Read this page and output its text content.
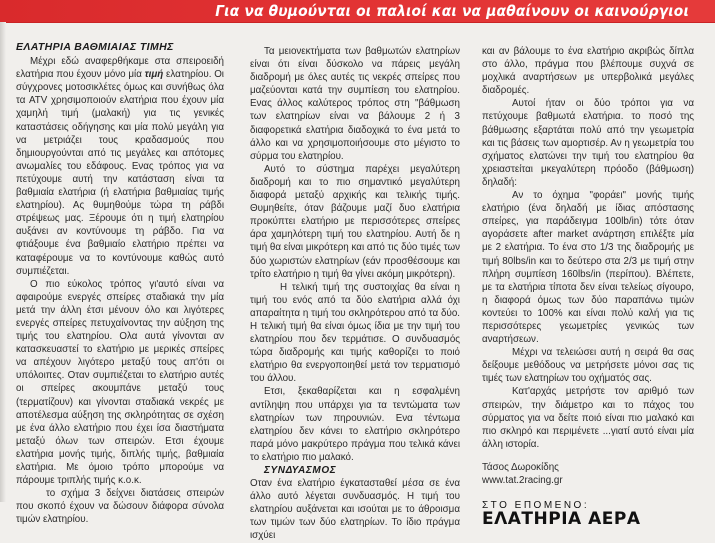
Για να θυμούνται οι παλιοί και να μαθαίνουν οι καινούργιοι
ΕΛΑΤΗΡΙΑ ΒΑΘΜΙΑΙΑΣ ΤΙΜΗΣ

Μέχρι εδώ αναφερθήκαμε στα σπειροειδή ελατήρια που έχουν μόνο μία τιμή ελατηρίου. Οι σύγχρονες μοτοσικλέτες όμως και συνήθως όλα τα ATV χρησιμοποιούν ελατήρια που έχουν μία χαμηλή τιμή (μαλακή) για τις γενικές καταστάσεις οδήγησης και μία πολύ μεγάλη για να μετριάζει τους κραδασμούς που δημιουργούνται από τις μεγάλες και απότομες ανωμαλίες του εδάφους. Ενας τρόπος για να πετύχουμε αυτή την κατάσταση είναι τα βαθμιαία ελατήρια (ή ελατήρια βαθμιαίας τιμής ελατηρίου). Ας θυμηθούμε τώρα τη ράβδι στρέψεως μας. Ξέρουμε ότι η τιμή ελατηρίου αυξάνει αν κοντύνουμε τη ράβδο. Για να φτιάξουμε ένα βαθμιαίο ελατήριο πρέπει να καταφέρουμε να το κοντύνουμε καθώς αυτό συμπιέζεται.

Ο πιο εύκολος τρόπος γι'αυτό είναι να αφαιρούμε ενεργές σπείρες σταδιακά την μία μετά την άλλη έτσι μένουν όλο και λιγότερες ενεργές σπείρες πετυχαίνοντας την αύξηση της τιμής του ελατηρίου. Ολα αυτά γίνονται αν κατασκευαστεί το ελατήριο με μερικές σπείρες να απέχουν λιγότερο μεταξύ τους απ'ότι οι υπόλοιπες. Οταν συμπιέζεται το ελατήριο αυτές οι σπείρες ακουμπάνε μεταξύ τους (τερματίζουν) και γίνονται σταδιακά νεκρές με αποτέλεσμα αύξηση της σκληρότητας σε σχέση με ένα άλλο ελατήριο που έχει ίσα διαστήματα μεταξύ όλων των σπειρών. Ετσι έχουμε ελατήρια μονής τιμής, διπλής τιμής, βαθμιαία ελατήρια. Με όμοιο τρόπο μπορούμε να πάρουμε τριπλής τιμής κ.ο.κ.

το σχήμα 3 δείχνει διατάσεις σπειρών που σκοπό έχουν να δώσουν διάφορα σύνολα τιμών ελατηρίου.

Τα μειονεκτήματα των βαθμωτών ελατηρίων είναι ότι είναι δύσκολο να πάρεις μεγάλη διαδρομή με όλες αυτές τις νεκρές σπείρες που μαζεύονται κατά την συμπίεση του ελατηρίου. Ενας άλλος καλύτερος τρόπος στη "βάθμωση των ελατηρίων είναι να βάλουμε 2 ή 3 διαφορετικά ελατήρια διαδοχικά το ένα μετά το άλλο και να χρησιμοποιήσουμε στο μέγιστο το σύρμα του ελατηρίου.

Αυτό το σύστημα παρέχει μεγαλύτερη διαδρομή και το πιο σημαντικό μεγαλύτερη διαφορά μεταξύ αρχικής και τελικής τιμής. Θυμηθείτε, όταν βάζουμε μαζί δυο ελατήρια προκύπτει ελατήριο με περισσότερες σπείρες άρα χαμηλότερη τιμή του ελατηρίου. Αυτή δε η τιμή θα είναι μικρότερη και από τις δύο τιμές των δύο χωριστών ελατηρίων (εάν προσθέσουμε και τρίτο ελατήριο η τιμή θα γίνει ακόμη μικρότερη).

Η τελική τιμή της συστοιχίας θα είναι η τιμή του ενός από τα δύο ελατήρια αλλά όχι απαραίτητα η τιμή του σκληρότερου από τα δύο. Η τελική τιμή θα είναι όμως ίδια με την τιμή του ελατηρίου που δεν τερμάτισε. Ο συνδυασμός τώρα διαδρομής και τιμής καθορίζει το ποιό ελατήριο θα ενεργοποιηθεί μετά τον τερματισμό του άλλου.

Ετσι, ξεκαθαρίζεται και η εσφαλμένη αντίληψη που υπάρχει για τα τεντώματα των ελατηρίων των πηρουνιών. Ενα τέντωμα ελατηρίου δεν κάνει το ελατήριο σκληρότερο παρά μόνο μακρύτερο πράγμα που τελικά κάνει το ελατήριο πιο μαλακό.

ΣΥΝΔΥΑΣΜΟΣ

Οταν ένα ελατήριο έγκατασταθεί μέσα σε ένα άλλο αυτό λέγεται συνδυασμός. Η τιμή του ελατηρίου αυξάνεται και ισούται με το άθροισμα των τιμών των δύο ελατηρίων. Το ίδιο πράγμα ισχύει

και αν βάλουμε το ένα ελατήριο ακριβώς δίπλα στο άλλο, πράγμα που βλέπουμε συχνά σε μοχλικά αναρτήσεων με υπερβολικά μεγάλες διαδρομές.

Αυτοί ήταν οι δύο τρόποι για να πετύχουμε βαθμωτά ελατήρια. το ποσό της βάθμωσης εξαρτάται πολύ από την γεωμετρία και τις βάσεις των αμορτισέρ. Αν η γεωμετρία του σχήματος ελατώνει την τιμή του ελατηρίου θα χρειαστείται μκεγαλύτερη πρόοδο (βάθμωση) δηλαδή:

Αν το όχημα "φοράει" μονής τιμής ελατήριο (ένα δηλαδή με ίδιας απόστασης σπείρες, για παράδειγμα 100lb/in) τότε όταν αγοράσετε after market ανάρτηση επιλέξτε μία με 2 ελατήρια. Το ένα στο 1/3 της διαδρομής με τιμή 80lbs/in και το δεύτερο στα 2/3 με τιμή στην πλήρη συμπίεση 160lbs/in (περίπου). Βλέπετε, με τα ελατήρια τίποτα δεν είναι τελείως σίγουρο, η διαφορά όμως των δύο παραπάνω τιμών κοντεύει το 100% και είναι πολύ καλή για τις περισσότερες γεωμετρίες γενικώς των αναρτήσεων.

Μέχρι να τελειώσει αυτή η σειρά θα σας δείξουμε μεθόδους να μετρήσετε μόνοι σας τις τιμές των ελατηρίων του οχήματός σας.

Κατ'αρχάς μετρήστε τον αριθμό των σπειρών, την διάμετρο και το πάχος του σύρματος για να δείτε ποιό είναι πιο μαλακό και πιο σκληρό και περιμένετε ...γιατί αυτό είναι μία άλλη ιστορία.

Τάσος Δωροκίδης

www.tat.2racing.gr

ΣΤΟ ΕΠΟΜΕΝΟ:
ΕΛΑΤΗΡΙΑ ΑΕΡΑ
